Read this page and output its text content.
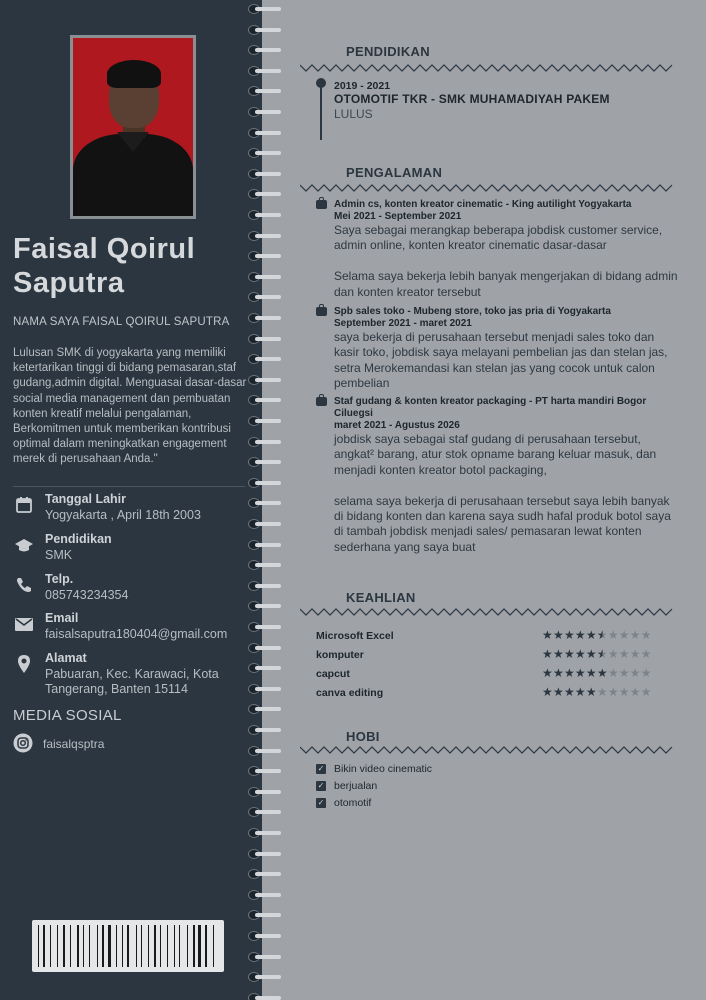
Faisal Qoirul Saputra
NAMA SAYA FAISAL QOIRUL SAPUTRA
Lulusan SMK di yogyakarta yang memiliki ketertarikan tinggi di bidang pemasaran,staf gudang,admin digital. Menguasai dasar-dasar social media management dan pembuatan konten kreatif melalui pengalaman, Berkomitmen untuk memberikan kontribusi optimal dalam meningkatkan engagement merek di perusahaan Anda."
Tanggal Lahir
Yogyakarta , April 18th 2003
Pendidikan
SMK
Telp.
085743234354
Email
faisalsaputra180404@gmail.com
Alamat
Pabuaran, Kec. Karawaci, Kota Tangerang, Banten 15114
MEDIA SOSIAL
faisalqsptra
PENDIDIKAN
2019 - 2021
OTOMOTIF TKR - SMK MUHAMADIYAH PAKEM
LULUS
PENGALAMAN
Admin cs, konten kreator cinematic - King autilight Yogyakarta
Mei 2021 - September 2021
Saya sebagai merangkap beberapa jobdisk customer service, admin online, konten kreator cinematic dasar-dasar

Selama saya bekerja lebih banyak mengerjakan di bidang admin dan konten kreator tersebut
Spb sales toko - Mubeng store, toko jas pria di Yogyakarta
September 2021 - maret 2021
saya bekerja di perusahaan tersebut menjadi sales toko dan kasir toko, jobdisk saya melayani pembelian jas dan stelan jas, setra Merokemandasi kan stelan jas yang cocok untuk calon pembelian
Staf gudang & konten kreator packaging - PT harta mandiri Bogor Ciluegsi
maret 2021 - Agustus 2026
jobdisk saya sebagai staf gudang di perusahaan tersebut, angkat² barang, atur stok opname barang keluar masuk, dan menjadi konten kreator botol packaging,

selama saya bekerja di perusahaan tersebut saya lebih banyak di bidang konten dan karena saya sudh hafal produk botol saya di tambah jobdisk menjadi sales/ pemasaran lewat konten sederhana yang saya buat
KEAHLIAN
Microsoft Excel	★★★★★★★★★★
komputer	★★★★★★★★★★
capcut	★★★★★★★★★★
canva editing	★★★★★★★★★★
HOBI
✓ Bikin video cinematic
✓ berjualan
✓ otomotif
